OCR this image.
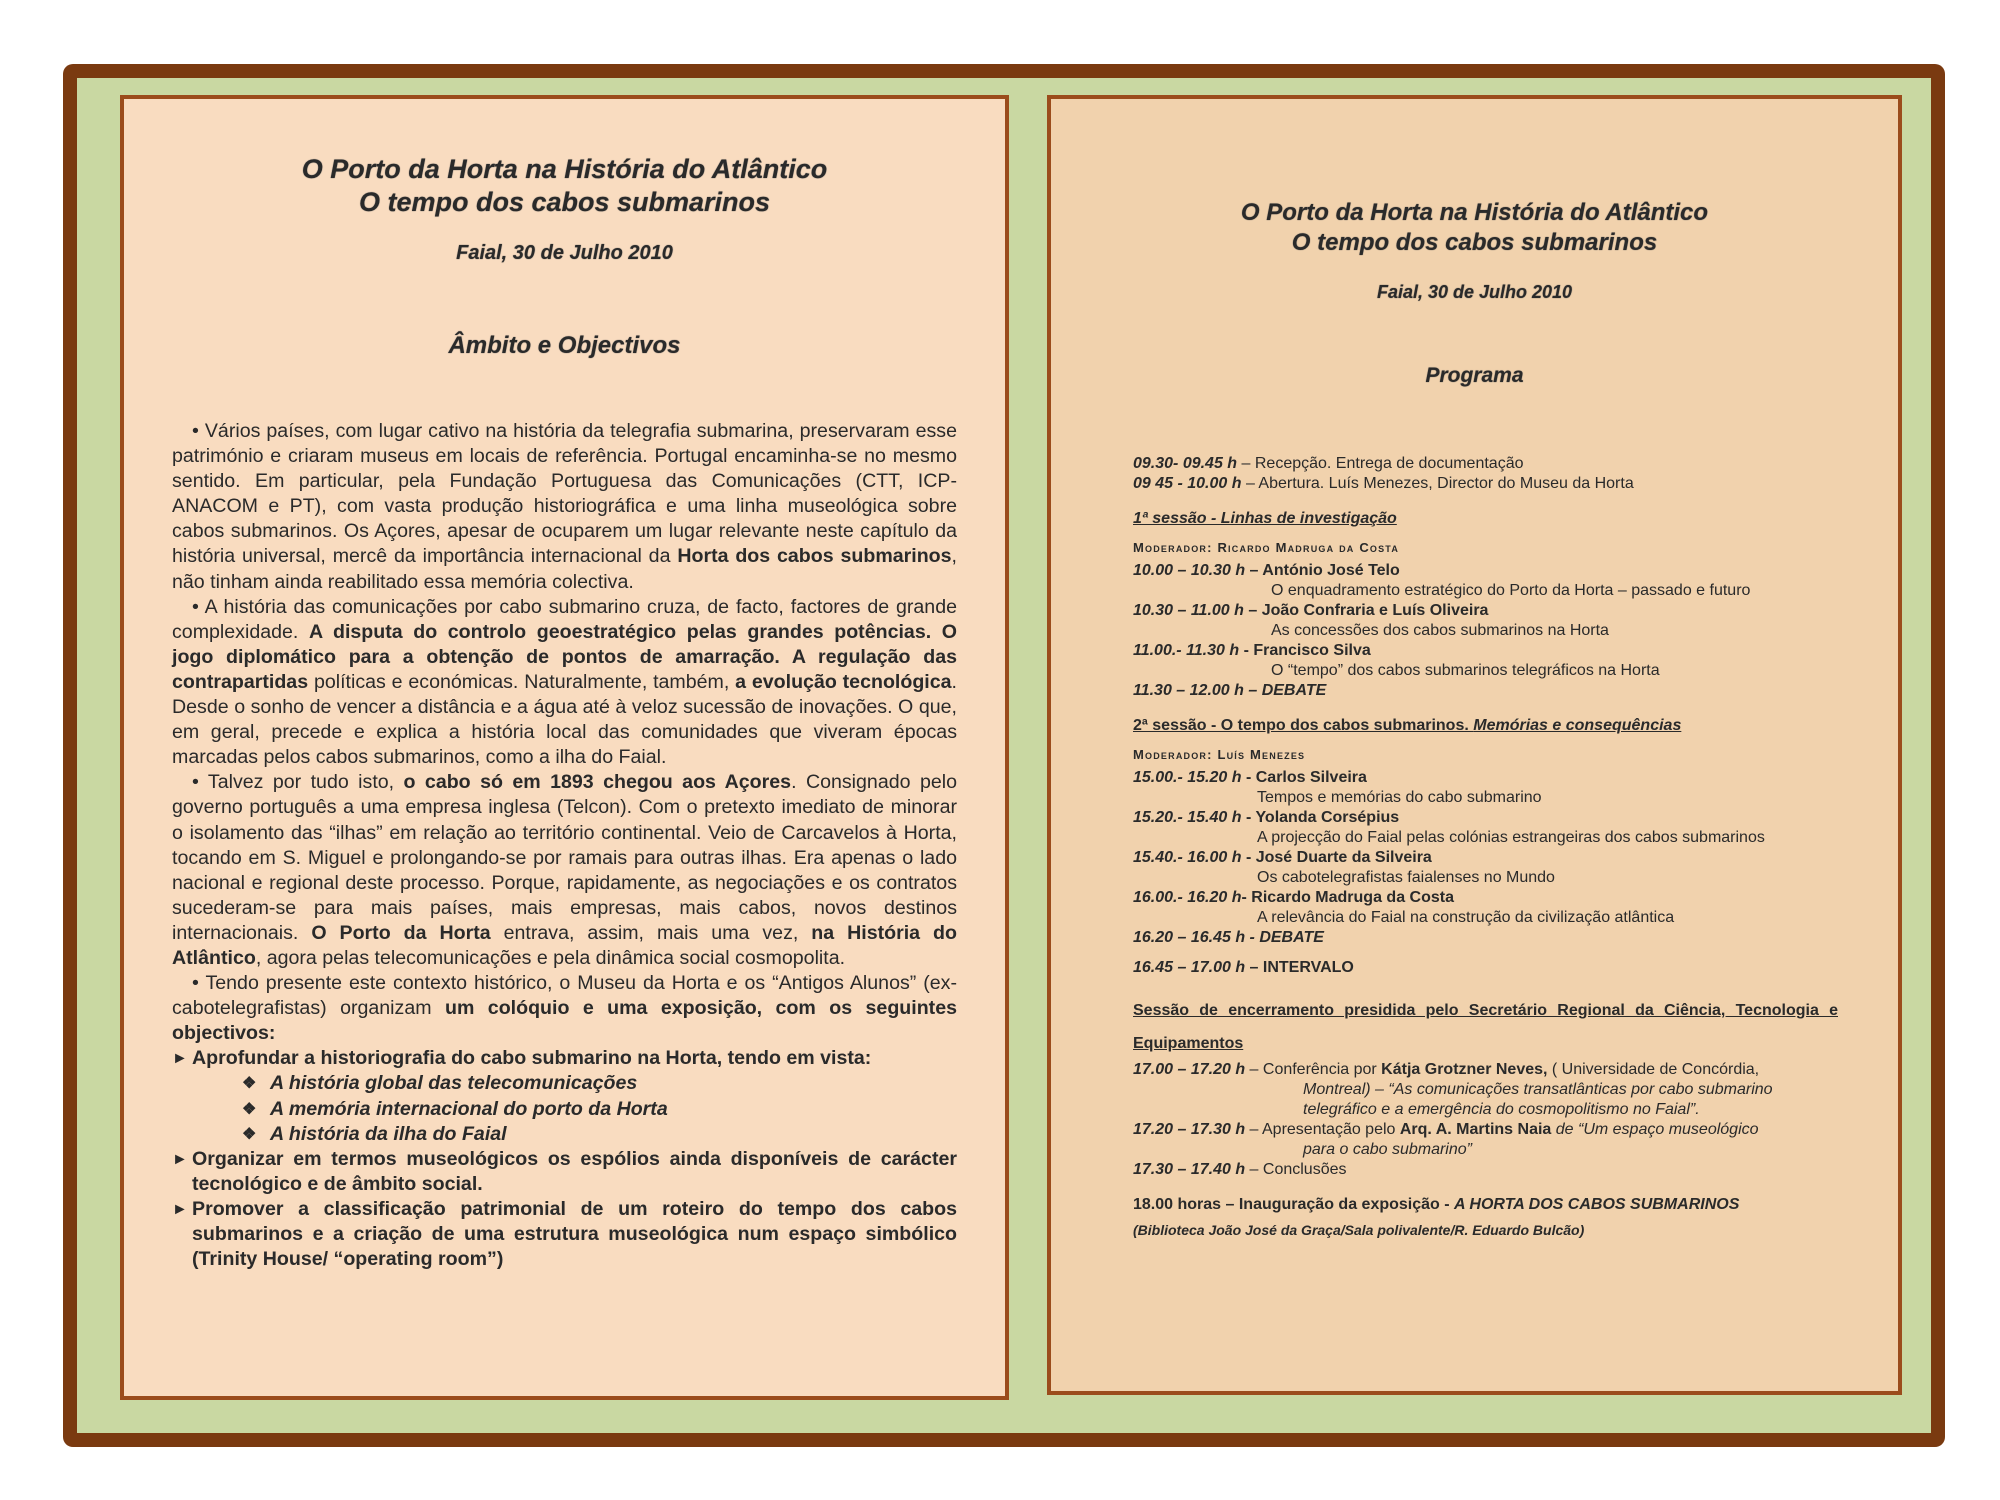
O Porto da Horta na História do Atlântico
O tempo dos cabos submarinos
Faial, 30 de Julho 2010
Âmbito e Objectivos

• Vários países, com lugar cativo na história da telegrafia submarina, preservaram esse património e criaram museus em locais de referência. Portugal encaminha-se no mesmo sentido. Em particular, pela Fundação Portuguesa das Comunicações (CTT, ICP-ANACOM e PT), com vasta produção historiográfica e uma linha museológica sobre cabos submarinos. Os Açores, apesar de ocuparem um lugar relevante neste capítulo da história universal, mercê da importância internacional da Horta dos cabos submarinos, não tinham ainda reabilitado essa memória colectiva.

• A história das comunicações por cabo submarino cruza, de facto, factores de grande complexidade. A disputa do controlo geoestratégico pelas grandes potências. O jogo diplomático para a obtenção de pontos de amarração. A regulação das contrapartidas políticas e económicas. Naturalmente, também, a evolução tecnológica. Desde o sonho de vencer a distância e a água até à veloz sucessão de inovações. O que, em geral, precede e explica a história local das comunidades que viveram épocas marcadas pelos cabos submarinos, como a ilha do Faial.

• Talvez por tudo isto, o cabo só em 1893 chegou aos Açores. Consignado pelo governo português a uma empresa inglesa (Telcon). Com o pretexto imediato de minorar o isolamento das “ilhas” em relação ao território continental. Veio de Carcavelos à Horta, tocando em S. Miguel e prolongando-se por ramais para outras ilhas. Era apenas o lado nacional e regional deste processo. Porque, rapidamente, as negociações e os contratos sucederam-se para mais países, mais empresas, mais cabos, novos destinos internacionais. O Porto da Horta entrava, assim, mais uma vez, na História do Atlântico, agora pelas telecomunicações e pela dinâmica social cosmopolita.

• Tendo presente este contexto histórico, o Museu da Horta e os “Antigos Alunos” (ex-cabotelegrafistas) organizam um colóquio e uma exposição, com os seguintes objectivos:

► Aprofundar a historiografia do cabo submarino na Horta, tendo em vista:

❖ A história global das telecomunicações
❖ A memória internacional do porto da Horta
❖ A história da ilha do Faial

► Organizar em termos museológicos os espólios ainda disponíveis de carácter tecnológico e de âmbito social.

► Promover a classificação patrimonial de um roteiro do tempo dos cabos submarinos e a criação de uma estrutura museológica num espaço simbólico (Trinity House/ “operating room”)

O Porto da Horta na História do Atlântico
O tempo dos cabos submarinos
Faial, 30 de Julho 2010
Programa
09.30- 09.45 h – Recepção. Entrega de documentação
09 45 - 10.00 h – Abertura. Luís Menezes, Director do Museu da Horta
1ª sessão - Linhas de investigação
Moderador: Ricardo Madruga da Costa
10.00 – 10.30 h – António José Telo
O enquadramento estratégico do Porto da Horta – passado e futuro
10.30 – 11.00 h – João Confraria e Luís Oliveira
As concessões dos cabos submarinos na Horta
11.00.- 11.30 h - Francisco Silva
O “tempo” dos cabos submarinos telegráficos na Horta
11.30 – 12.00 h – DEBATE
2ª sessão - O tempo dos cabos submarinos. Memórias e consequências
Moderador: Luís Menezes
15.00.- 15.20 h - Carlos Silveira
Tempos e memórias do cabo submarino
15.20.- 15.40 h - Yolanda Corsépius
A projecção do Faial pelas colónias estrangeiras dos cabos submarinos
15.40.- 16.00 h - José Duarte da Silveira
Os cabotelegrafistas faialenses no Mundo
16.00.- 16.20 h- Ricardo Madruga da Costa
A relevância do Faial na construção da civilização atlântica
16.20 – 16.45 h - DEBATE
16.45 – 17.00 h – INTERVALO
Sessão de encerramento presidida pelo Secretário Regional da Ciência, Tecnologia e Equipamentos
17.00 – 17.20 h – Conferência por Kátja Grotzner Neves, ( Universidade de Concórdia,
Montreal) – “As comunicações transatlânticas por cabo submarino telegráfico e a emergência do cosmopolitismo no Faial”.
17.20 – 17.30 h – Apresentação pelo Arq. A. Martins Naia de “Um espaço museológico
para o cabo submarino”
17.30 – 17.40 h – Conclusões
18.00 horas – Inauguração da exposição - A HORTA DOS CABOS SUBMARINOS
(Biblioteca João José da Graça/Sala polivalente/R. Eduardo Bulcão)
